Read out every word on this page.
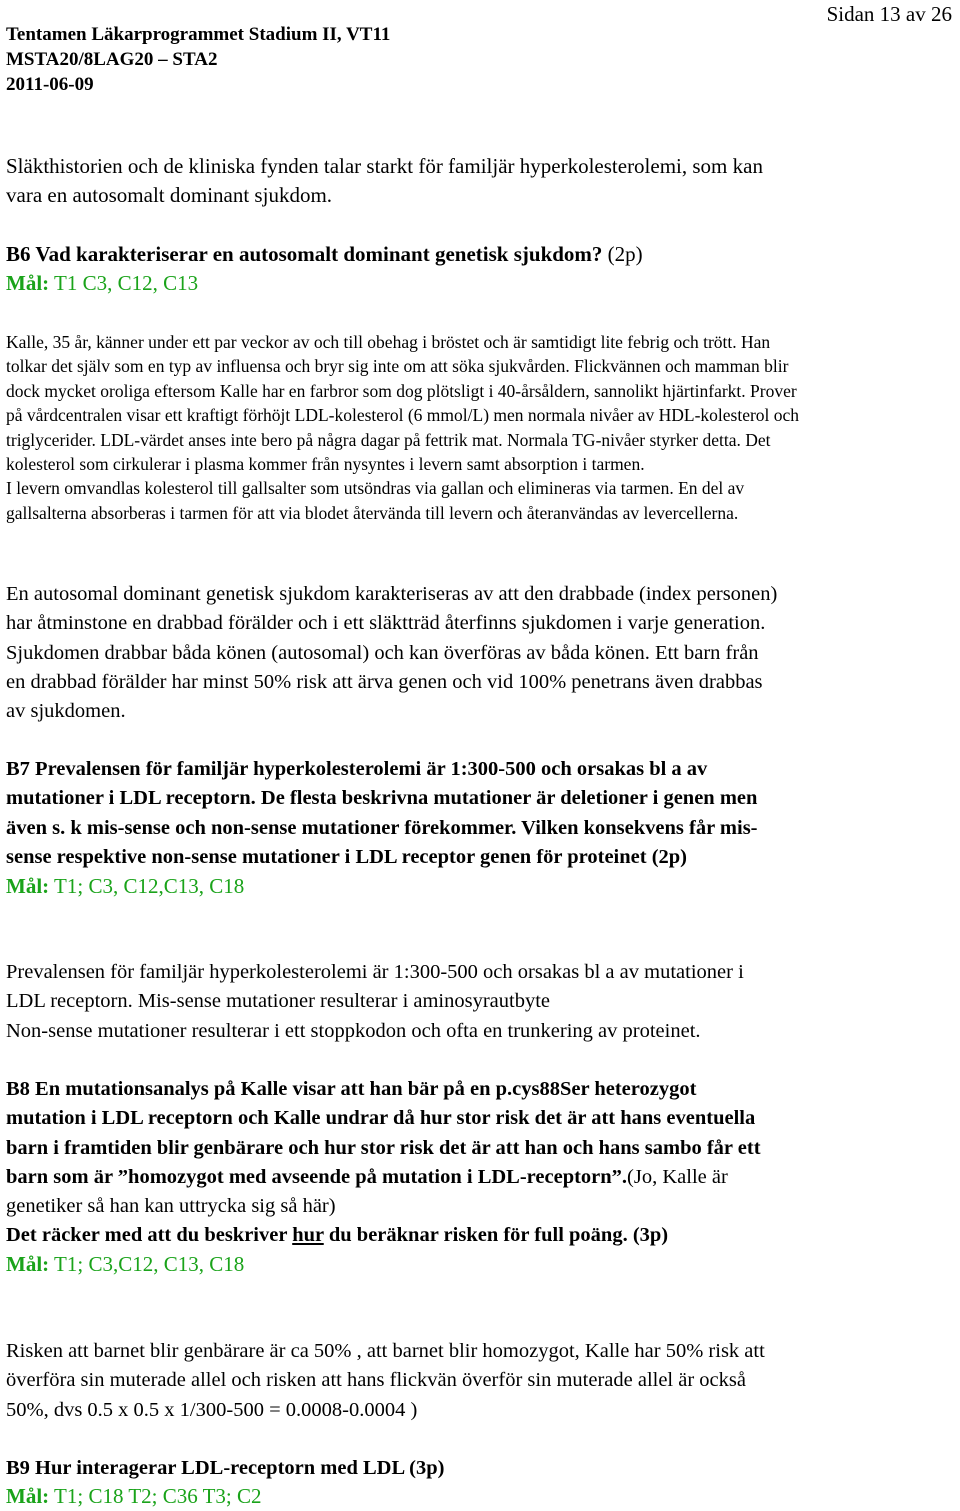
Tentamen Läkarprogrammet Stadium II, VT11
MSTA20/8LAG20 – STA2
2011-06-09
Sidan 13 av 26
Släkthistorien och de kliniska fynden talar starkt för familjär hyperkolesterolemi, som kan
vara en autosomalt dominant sjukdom.
B6 Vad karakteriserar en autosomalt dominant genetisk sjukdom? (2p)
Mål: T1 C3, C12, C13
Kalle, 35 år, känner under ett par veckor av och till obehag i bröstet och är samtidigt lite febrig och trött. Han
tolkar det själv som en typ av influensa och bryr sig inte om att söka sjukvården. Flickvännen och mamman blir
dock mycket oroliga eftersom Kalle har en farbror som dog plötsligt i 40-årsåldern, sannolikt hjärtinfarkt. Prover
på vårdcentralen visar ett kraftigt förhöjt LDL-kolesterol (6 mmol/L) men normala nivåer av HDL-kolesterol och
triglycerider. LDL-värdet anses inte bero på några dagar på fettrik mat. Normala TG-nivåer styrker detta. Det
kolesterol som cirkulerar i plasma kommer från nysyntes i levern samt absorption i tarmen.
I levern omvandlas kolesterol till gallsalter som utsöndras via gallan och elimineras via tarmen. En del av
gallsalterna absorberas i tarmen för att via blodet återvända till levern och återanvändas av levercellerna.
En autosomal dominant genetisk sjukdom karakteriseras av att den drabbade (index personen)
har åtminstone en drabbad förälder och i ett släktträd återfinns sjukdomen i varje generation.
Sjukdomen drabbar båda könen (autosomal) och kan överföras av båda könen. Ett barn från
en drabbad förälder har minst 50% risk att ärva genen och vid 100% penetrans även drabbas
av sjukdomen.
B7 Prevalensen för familjär hyperkolesterolemi är 1:300-500 och orsakas bl a av
mutationer i LDL receptorn. De flesta beskrivna mutationer är deletioner i genen men
även s. k mis-sense och non-sense mutationer förekommer. Vilken konsekvens får mis-
sense respektive non-sense mutationer i LDL receptor genen för proteinet (2p)
Mål: T1; C3, C12,C13, C18
Prevalensen för familjär hyperkolesterolemi är 1:300-500 och orsakas bl a av mutationer i
LDL receptorn. Mis-sense mutationer resulterar i aminosyrautbyte
Non-sense mutationer resulterar i ett stoppkodon och ofta en trunkering av proteinet.
B8 En mutationsanalys på Kalle visar att han bär på en p.cys88Ser heterozygot
mutation i LDL receptorn och Kalle undrar då hur stor risk det är att hans eventuella
barn i framtiden blir genbärare och hur stor risk det är att han och hans sambo får ett
barn som är ”homozygot med avseende på mutation i LDL-receptorn”.(Jo, Kalle är
genetiker så han kan uttrycka sig så här)
Det räcker med att du beskriver hur du beräknar risken för full poäng. (3p)
Mål: T1; C3,C12, C13, C18
Risken att barnet blir genbärare är ca 50% , att barnet blir homozygot, Kalle har 50% risk att
överföra sin muterade allel och risken att hans flickvän överför sin muterade allel är också
50%, dvs 0.5 x 0.5 x 1/300-500 = 0.0008-0.0004 )
B9 Hur interagerar LDL-receptorn med LDL (3p)
Mål: T1; C18 T2; C36 T3; C2
